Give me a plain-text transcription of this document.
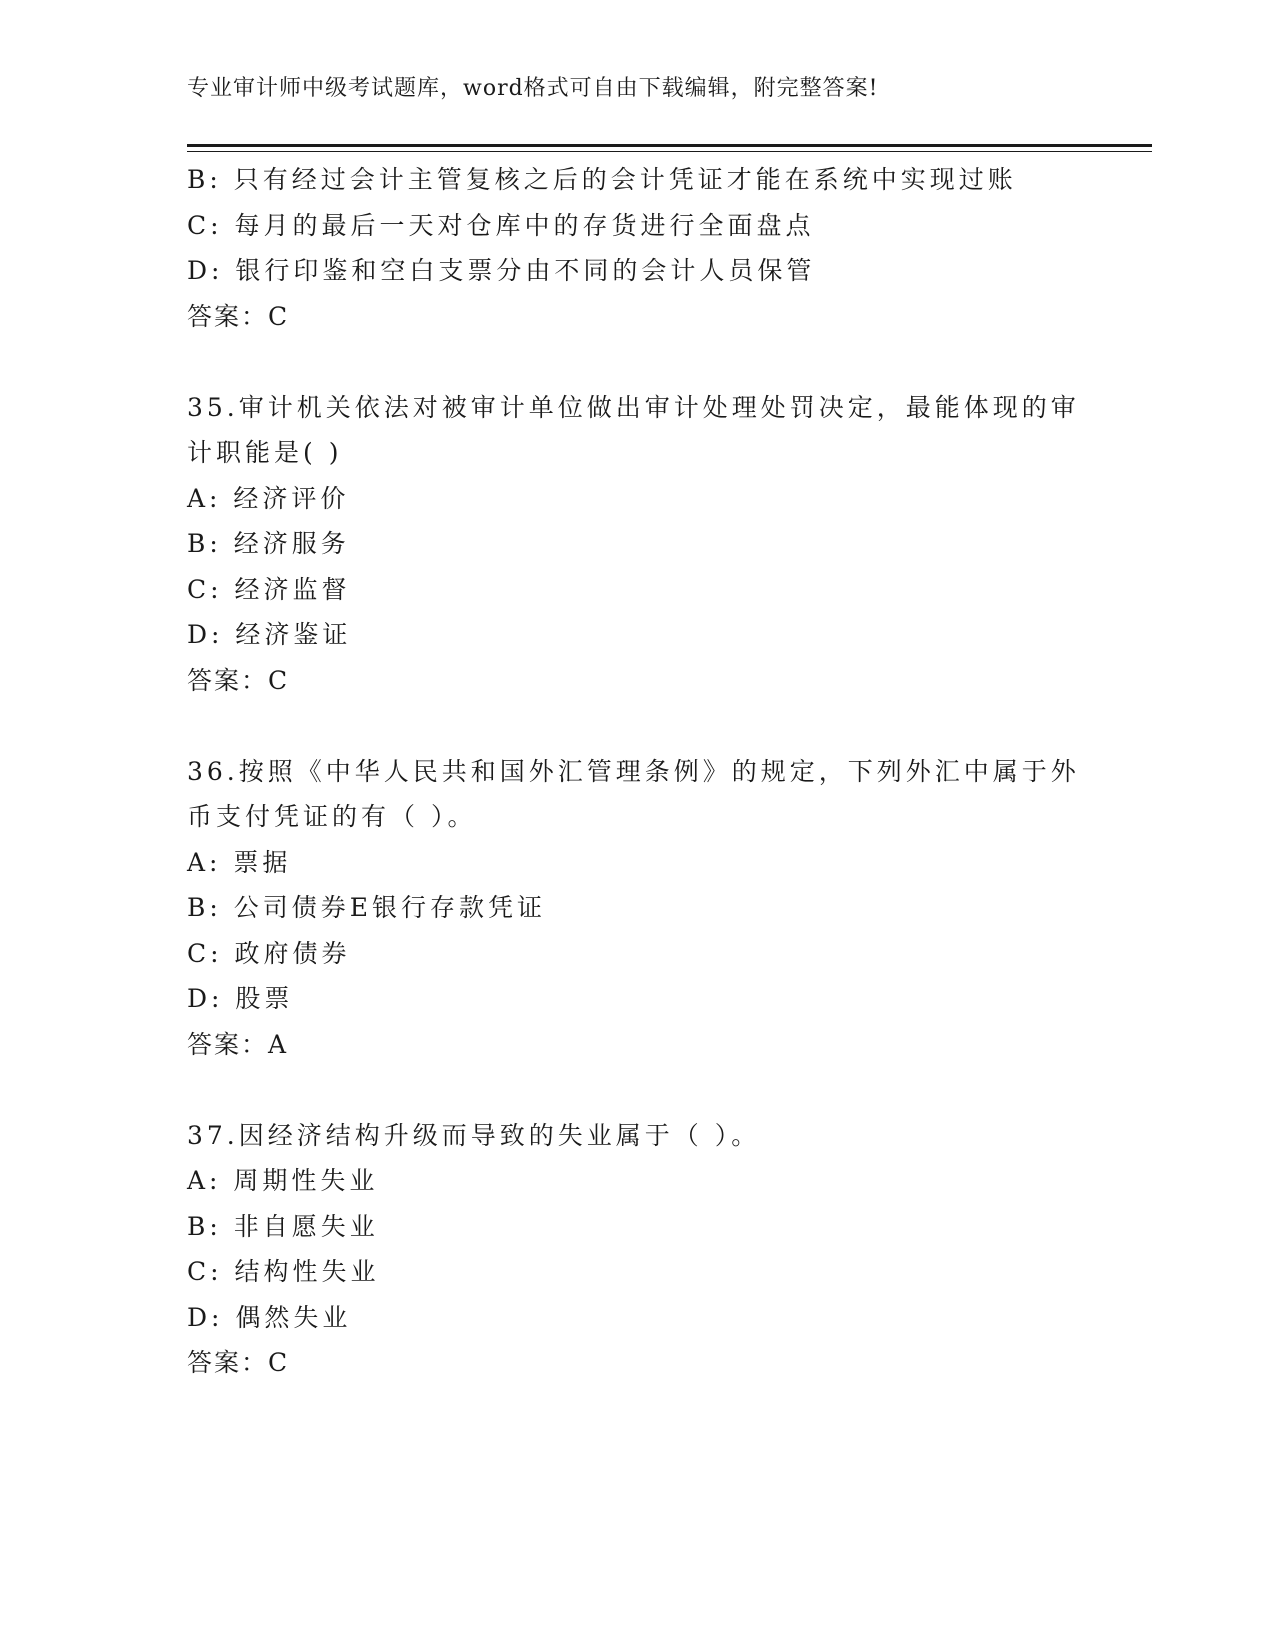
专业审计师中级考试题库，word格式可自由下载编辑，附完整答案!
B: 只有经过会计主管复核之后的会计凭证才能在系统中实现过账
C: 每月的最后一天对仓库中的存货进行全面盘点
D: 银行印鉴和空白支票分由不同的会计人员保管
答案：C
35.审计机关依法对被审计单位做出审计处理处罚决定，最能体现的审
计职能是( )
A: 经济评价
B: 经济服务
C: 经济监督
D: 经济鉴证
答案：C
36.按照《中华人民共和国外汇管理条例》的规定，下列外汇中属于外
币支付凭证的有（ ）。
A: 票据
B: 公司债券E银行存款凭证
C: 政府债券
D: 股票
答案：A
37.因经济结构升级而导致的失业属于（ ）。
A: 周期性失业
B: 非自愿失业
C: 结构性失业
D: 偶然失业
答案：C
